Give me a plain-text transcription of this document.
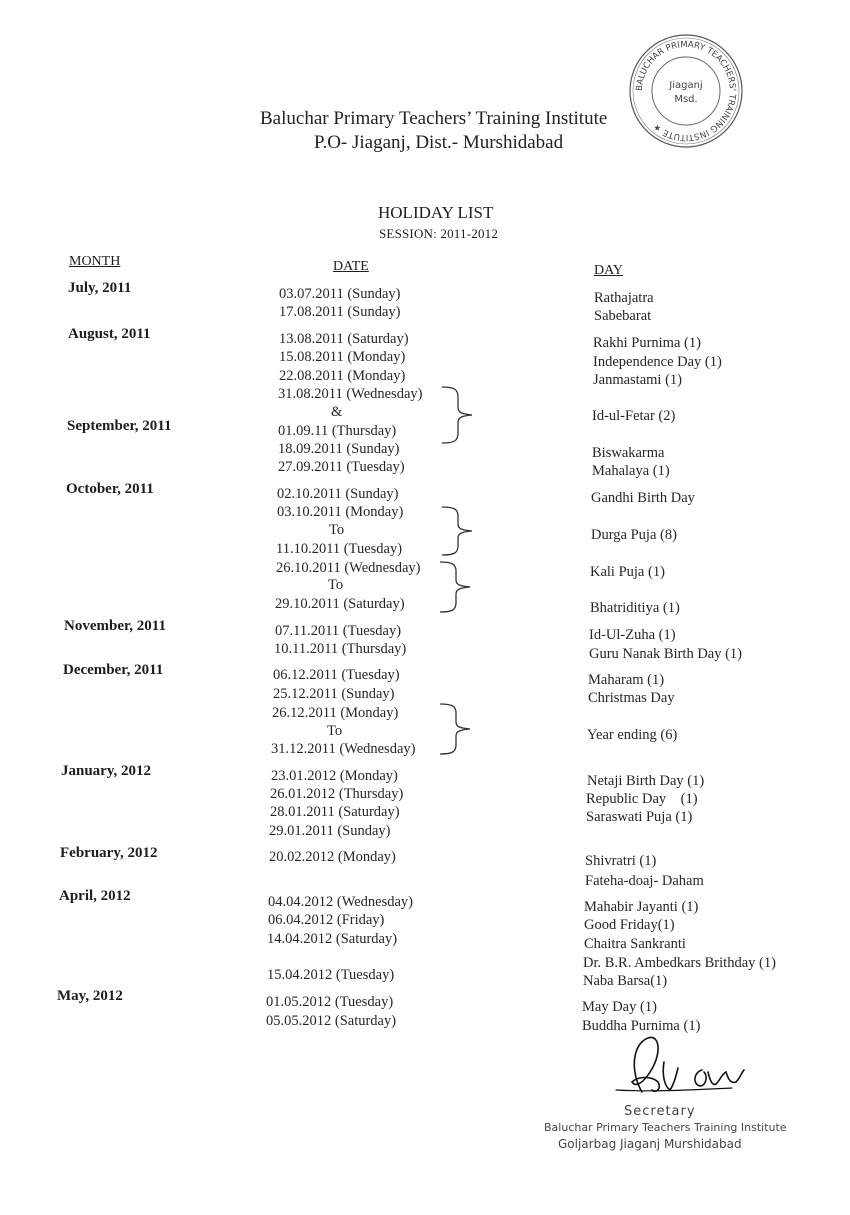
BALUCHAR PRIMARY TEACHERS' TRAINING INSTITUTE ★
Jiaganj
Msd.
Baluchar Primary Teachers’ Training Institute
P.O- Jiaganj, Dist.- Murshidabad
HOLIDAY LIST
SESSION: 2011-2012
MONTH	DATE	DAY
July, 2011
August, 2011
September, 2011
October, 2011
November, 2011
December, 2011
January, 2012
February, 2012
April, 2012
May, 2012
03.07.2011 (Sunday)
17.08.2011 (Sunday)
13.08.2011 (Saturday)
15.08.2011 (Monday)
22.08.2011 (Monday)
31.08.2011 (Wednesday)
&
01.09.11 (Thursday)
18.09.2011 (Sunday)
27.09.2011 (Tuesday)
02.10.2011 (Sunday)
03.10.2011 (Monday)
To
11.10.2011 (Tuesday)
26.10.2011 (Wednesday)
To
29.10.2011 (Saturday)
07.11.2011 (Tuesday)
10.11.2011 (Thursday)
06.12.2011 (Tuesday)
25.12.2011 (Sunday)
26.12.2011 (Monday)
To
31.12.2011 (Wednesday)
23.01.2012 (Monday)
26.01.2012 (Thursday)
28.01.2011 (Saturday)
29.01.2011 (Sunday)
20.02.2012 (Monday)
04.04.2012 (Wednesday)
06.04.2012 (Friday)
14.04.2012 (Saturday)
15.04.2012 (Tuesday)
01.05.2012 (Tuesday)
05.05.2012 (Saturday)
Rathajatra
Sabebarat
Rakhi Purnima (1)
Independence Day (1)
Janmastami (1)
Id-ul-Fetar (2)
Biswakarma
Mahalaya (1)
Gandhi Birth Day
Durga Puja (8)
Kali Puja (1)
Bhatriditiya (1)
Id-Ul-Zuha (1)
Guru Nanak Birth Day (1)
Maharam (1)
Christmas Day
Year ending (6)
Netaji Birth Day (1)
Republic Day    (1)
Saraswati Puja (1)
Shivratri (1)
Fateha-doaj- Daham
Mahabir Jayanti (1)
Good Friday(1)
Chaitra Sankranti
Dr. B.R. Ambedkars Brithday (1)
Naba Barsa(1)
May Day (1)
Buddha Purnima (1)
Secretary
Baluchar Primary Teachers Training Institute
Goljarbag Jiaganj Murshidabad
